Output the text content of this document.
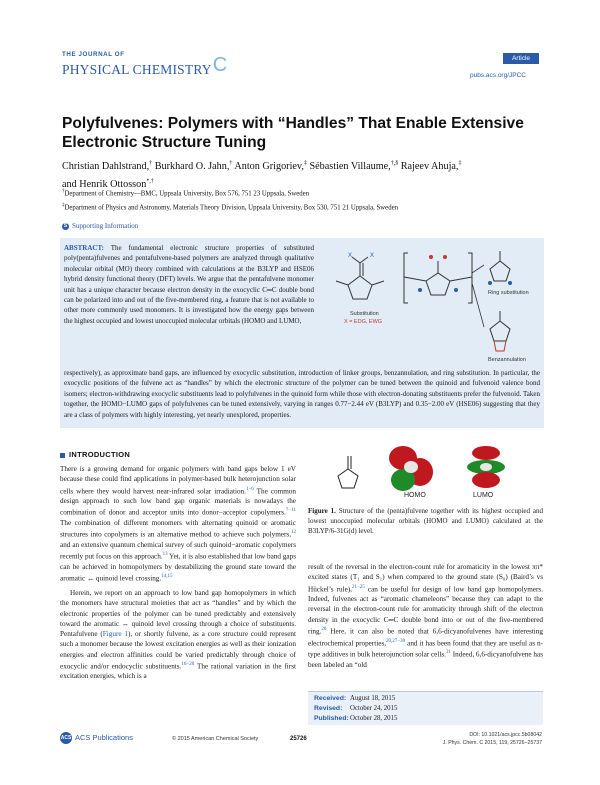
THE JOURNAL OF
PHYSICAL CHEMISTRYC	Article
pubs.acs.org/JPCC
Polyfulvenes: Polymers with “Handles” That Enable Extensive Electronic Structure Tuning
Christian Dahlstrand,† Burkhard O. Jahn,† Anton Grigoriev,‡ Sébastien Villaume,†,§ Rajeev Ahuja,‡
and Henrik Ottosson*,†
†Department of Chemistry—BMC, Uppsala University, Box 576, 751 23 Uppsala, Sweden
‡Department of Physics and Astronomy, Materials Theory Division, Uppsala University, Box 530, 751 21 Uppsala, Sweden
S Supporting Information
ABSTRACT: The fundamental electronic structure properties of substituted poly(penta)fulvenes and pentafulvene-based polymers are analyzed through qualitative molecular orbital (MO) theory combined with calculations at the B3LYP and HSE06 hybrid density functional theory (DFT) levels. We argue that the pentafulvene monomer unit has a unique character because electron density in the exocyclic C═C double bond can be polarized into and out of the five-membered ring, a feature that is not available to other more commonly used monomers. It is investigated how the energy gaps between the highest occupied and lowest unoccupied molecular orbitals (HOMO and LUMO,
respectively), as approximate band gaps, are influenced by exocyclic substitution, introduction of linker groups, benzannulation, and ring substitution. In particular, the exocyclic positions of the fulvene act as “handles” by which the electronic structure of the polymer can be tuned between the quinoid and fulvenoid valence bond isomers; electron-withdrawing exocyclic substituents lead to polyfulvenes in the quinoid form while those with electron-donating substituents prefer the fulvenoid. Taken together, the HOMO−LUMO gaps of polyfulvenes can be tuned extensively, varying in ranges 0.77−2.44 eV (B3LYP) and 0.35−2.00 eV (HSE06) suggesting that they are a class of polymers with highly interesting, yet nearly unexplored, properties.
X	X
Substitution
X = EDG, EWG
Ring substitution
Benzannulation
INTRODUCTION
There is a growing demand for organic polymers with band gaps below 1 eV because these could find applications in polymer-based bulk heterojunction solar cells where they would harvest near-infrared solar irradiation.$^{1-6}$ The common design approach to such low band gap organic materials is nowadays the combination of donor and acceptor units into donor−acceptor copolymers.$^{7-11}$ The combination of different monomers with alternating quinoid or aromatic structures into copolymers is an alternative method to achieve such polymers,$^{12}$ and an extensive quantum chemical survey of such quinoid−aromatic copolymers recently put focus on this approach.$^{13}$ Yet, it is also established that low band gaps can be achieved in homopolymers by destabilizing the ground state toward the aromatic ↔ quinoid level crossing.$^{14,15}$
Herein, we report on an approach to low band gap homopolymers in which the monomers have structural moieties that act as “handles” and by which the electronic properties of the polymer can be tuned predictably and extensively toward the aromatic ↔ quinoid level crossing through a choice of substituents. Pentafulvene (Figure 1), or shortly fulvene, as a core structure could represent such a monomer because the lowest excitation energies as well as their ionization energies and electron affinities could be varied predictably through choice of exocyclic and/or endocyclic substituents.$^{16-20}$ The rational variation in the first excitation energies, which is a
HOMO	LUMO
Figure 1. Structure of the (penta)fulvene together with its highest occupied and lowest unoccupied molecular orbitals (HOMO and LUMO) calculated at the B3LYP/6-31G(d) level.
result of the reversal in the electron-count rule for aromaticity in the lowest ππ* excited states (T₁ and S₁) when compared to the ground state (S₀) (Baird’s vs Hückel’s rule),$^{21-25}$ can be useful for design of low band gap homopolymers. Indeed, fulvenes act as “aromatic chameleons” because they can adapt to the reversal in the electron-count rule for aromaticity through shift of the electron density in the exocyclic C═C double bond into or out of the five-membered ring.$^{26}$ Here, it can also be noted that 6,6-dicyanofulvenes have interesting electrochemical properties,$^{20,27-30}$ and it has been found that they are useful as n-type additives in bulk heterojunction solar cells.$^{31}$ Indeed, 6,6-dicyanofulvene has been labeled an “old
Received: August 18, 2015
Revised: October 24, 2015
Published:October 28, 2015
ACS ACS Publications	© 2015 American Chemical Society	25726
DOI: 10.1021/acs.jpcc.5b08042
J. Phys. Chem. C 2015, 119, 25726−25737
